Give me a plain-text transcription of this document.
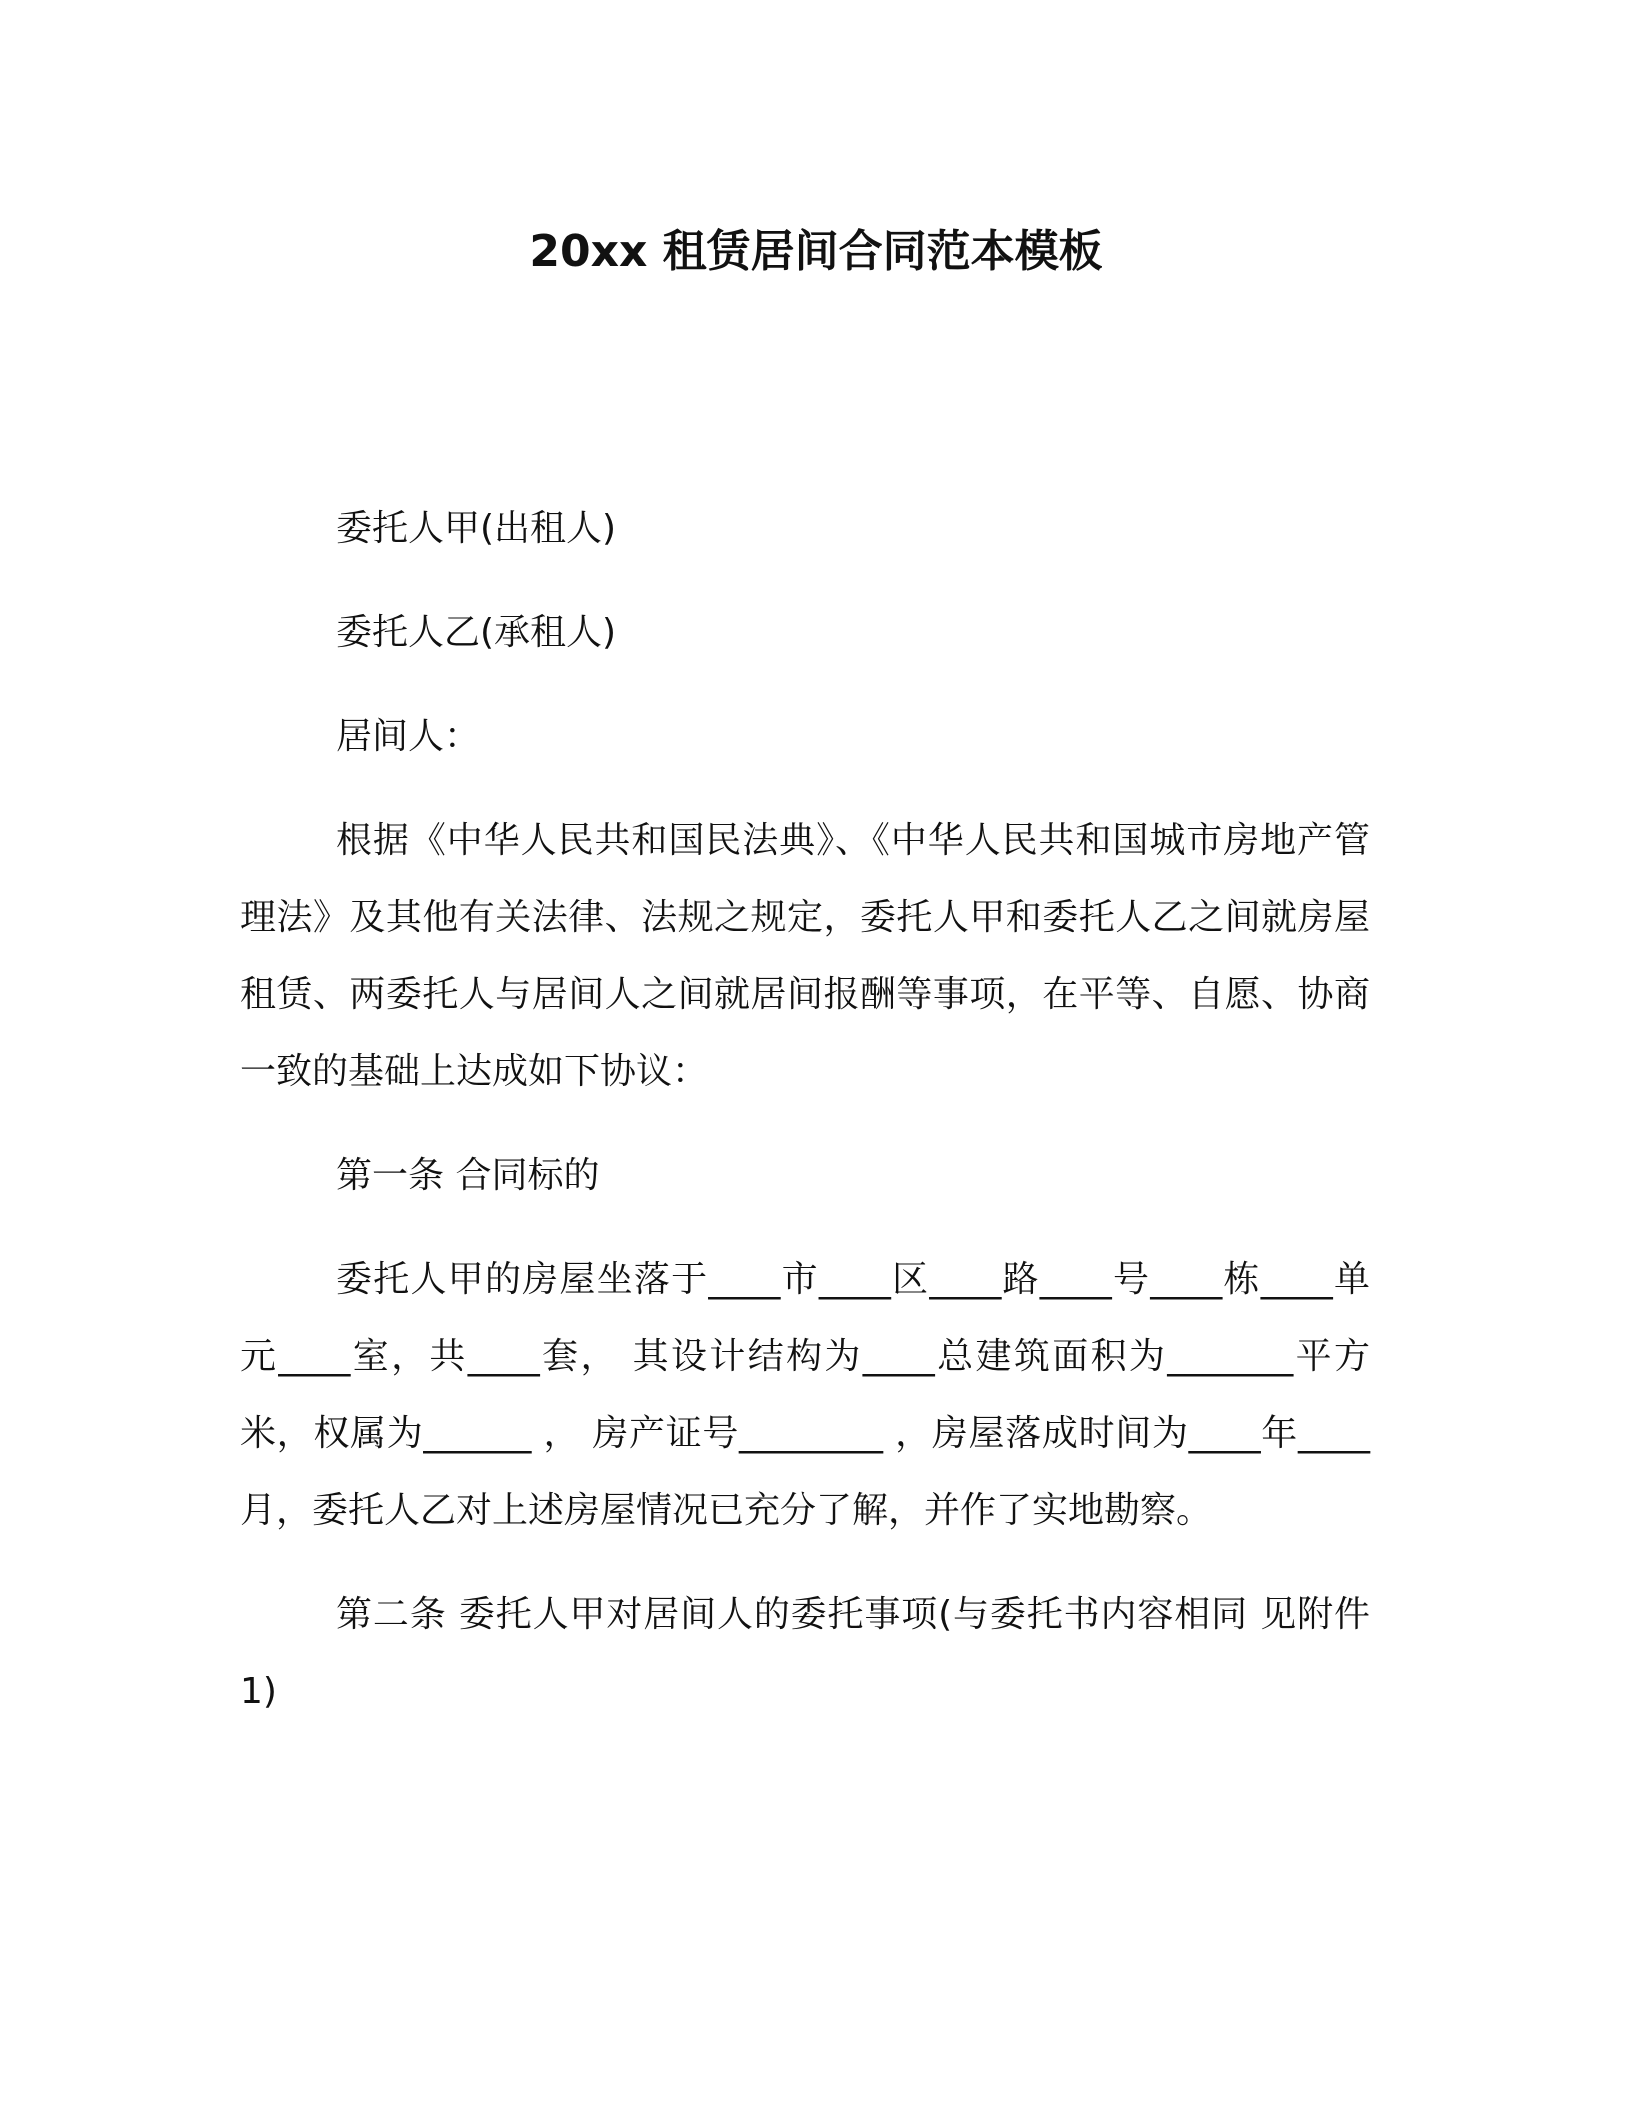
20xx 租赁居间合同范本模板

委托人甲(出租人)

委托人乙(承租人)

居间人：

根据《中华人民共和国民法典》、《中华人民共和国城市房地产管理法》及其他有关法律、法规之规定，委托人甲和委托人乙之间就房屋租赁、两委托人与居间人之间就居间报酬等事项，在平等、自愿、协商一致的基础上达成如下协议：

第一条 合同标的

委托人甲的房屋坐落于____市____区____路____号____栋____单元____室，共____套， 其设计结构为____总建筑面积为_______平方米，权属为______ ， 房产证号________ ，房屋落成时间为____年____月，委托人乙对上述房屋情况已充分了解，并作了实地勘察。

第二条 委托人甲对居间人的委托事项(与委托书内容相同 见附件1)
